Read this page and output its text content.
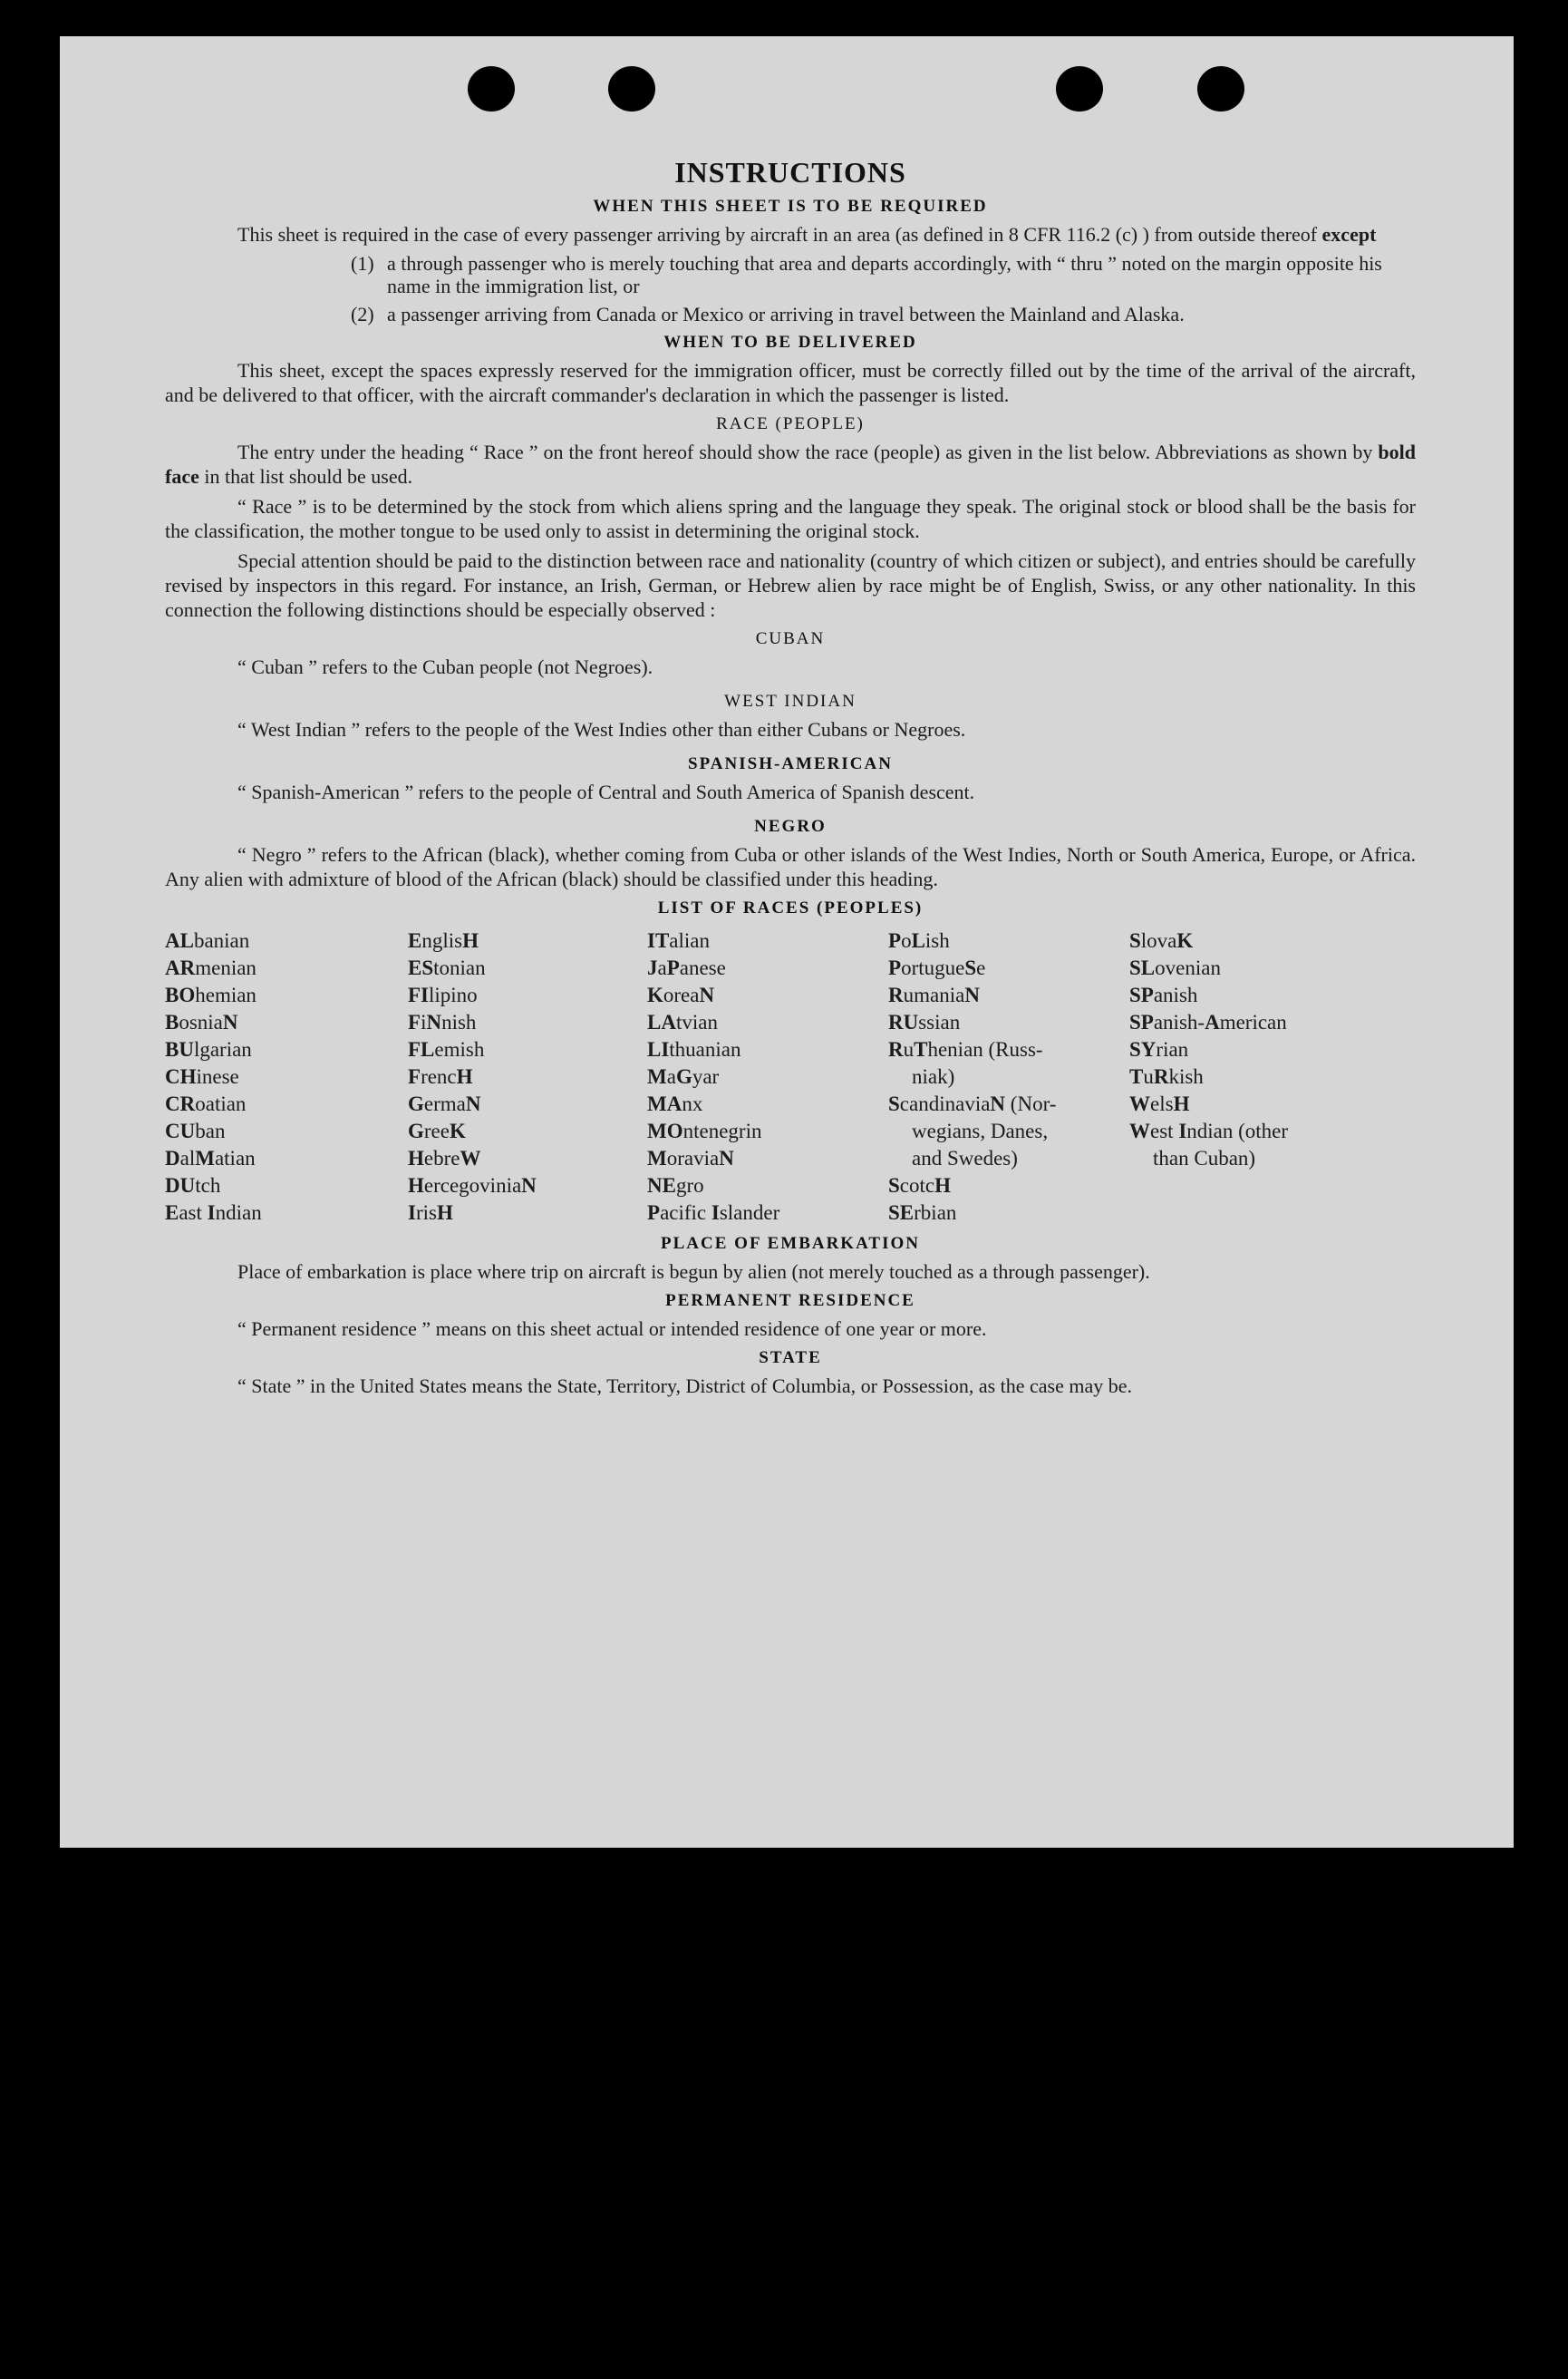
INSTRUCTIONS
WHEN THIS SHEET IS TO BE REQUIRED

This sheet is required in the case of every passenger arriving by aircraft in an area (as defined in 8 CFR 116.2 (c) ) from outside thereof except

(1) a through passenger who is merely touching that area and departs accordingly, with “ thru ” noted on the margin opposite his name in the immigration list, or
(2) a passenger arriving from Canada or Mexico or arriving in travel between the Mainland and Alaska.
WHEN TO BE DELIVERED

This sheet, except the spaces expressly reserved for the immigration officer, must be correctly filled out by the time of the arrival of the aircraft, and be delivered to that officer, with the aircraft commander's declaration in which the passenger is listed.

RACE (PEOPLE)

The entry under the heading “ Race ” on the front hereof should show the race (people) as given in the list below. Abbreviations as shown by bold face in that list should be used.

“ Race ” is to be determined by the stock from which aliens spring and the language they speak. The original stock or blood shall be the basis for the classification, the mother tongue to be used only to assist in determining the original stock.

Special attention should be paid to the distinction between race and nationality (country of which citizen or subject), and entries should be carefully revised by inspectors in this regard. For instance, an Irish, German, or Hebrew alien by race might be of English, Swiss, or any other nationality. In this connection the following distinctions should be especially observed :

CUBAN
“ Cuban ” refers to the Cuban people (not Negroes).
WEST INDIAN
“ West Indian ” refers to the people of the West Indies other than either Cubans or Negroes.
SPANISH-AMERICAN
“ Spanish-American ” refers to the people of Central and South America of Spanish descent.
NEGRO

“ Negro ” refers to the African (black), whether coming from Cuba or other islands of the West Indies, North or South America, Europe, or Africa. Any alien with admixture of blood of the African (black) should be classified under this heading.

LIST OF RACES (PEOPLES)
ALbanian
ARmenian
BOhemian
BosniaN
BUlgarian
CHinese
CRoatian
CUban
DalMatian
DUtch
East Indian
EnglisH
EStonian
FIlipino
FiNnish
FLemish
FrencH
GermaN
GreeK
HebreW
HercegoviniaN
IrisH
ITalian
JaPanese
KoreaN
LAtvian
LIthuanian
MaGyar
MAnx
MOntenegrin
MoraviaN
NEgro
Pacific Islander
PoLish
PortugueSe
RumaniaN
RUssian
RuThenian (Russ-
niak)
ScandinaviaN (Nor-
wegians, Danes,
and Swedes)
ScotcH
SErbian
SlovaK
SLovenian
SPanish
SPanish-American
SYrian
TuRkish
WelsH
West Indian (other
than Cuban)
PLACE OF EMBARKATION

Place of embarkation is place where trip on aircraft is begun by alien (not merely touched as a through passenger).

PERMANENT RESIDENCE

“ Permanent residence ” means on this sheet actual or intended residence of one year or more.

STATE

“ State ” in the United States means the State, Territory, District of Columbia, or Possession, as the case may be.
